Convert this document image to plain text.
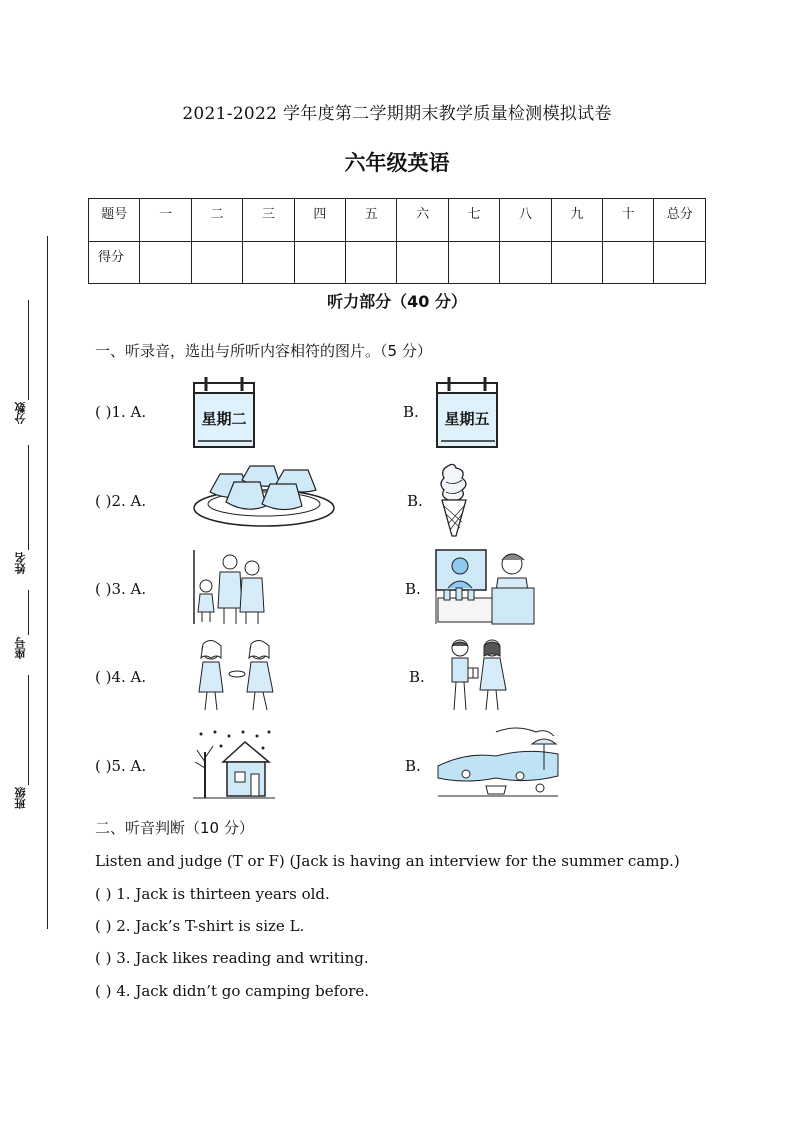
分数
姓名
座号
班级
2021-2022 学年度第二学期期末教学质量检测模拟试卷
六年级英语
题号	一	二	三	四	五	六	七	八	九	十	总分
得分											
听力部分（40 分）
一、听录音，选出与所听内容相符的图片。（5 分）
( )1. A.	星期二	B. 星期五
( )2. A.	B.
( )3. A.	B.
( )4. A.	B.
( )5. A.	B.
二、听音判断（10 分）
Listen and judge (T or F) (Jack is having an interview for the summer camp.)
( ) 1. Jack is thirteen years old.
( ) 2. Jack’s T-shirt is size L.
( ) 3. Jack likes reading and writing.
( ) 4. Jack didn’t go camping before.
